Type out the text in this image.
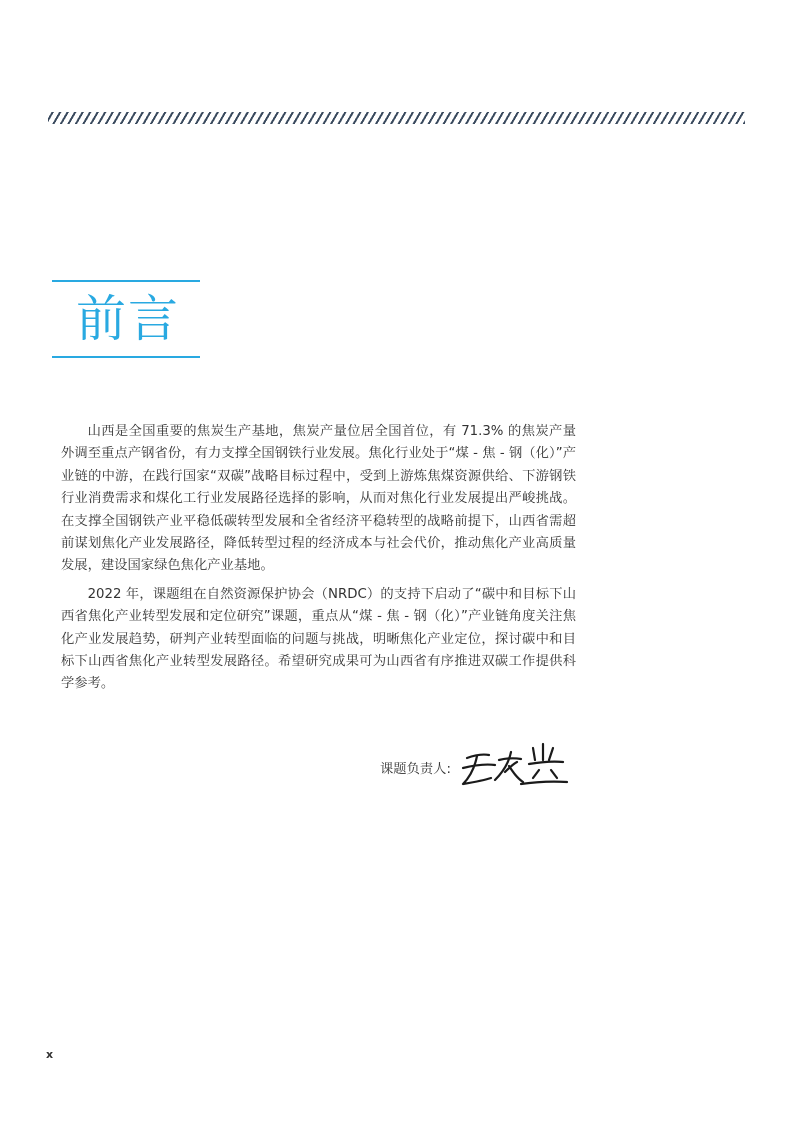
前言

山西是全国重要的焦炭生产基地，焦炭产量位居全国首位，有 71.3% 的焦炭产量外调至重点产钢省份，有力支撑全国钢铁行业发展。焦化行业处于“煤 - 焦 - 钢（化）”产业链的中游，在践行国家“双碳”战略目标过程中，受到上游炼焦煤资源供给、下游钢铁行业消费需求和煤化工行业发展路径选择的影响，从而对焦化行业发展提出严峻挑战。在支撑全国钢铁产业平稳低碳转型发展和全省经济平稳转型的战略前提下，山西省需超前谋划焦化产业发展路径，降低转型过程的经济成本与社会代价，推动焦化产业高质量发展，建设国家绿色焦化产业基地。

2022 年，课题组在自然资源保护协会（NRDC）的支持下启动了“碳中和目标下山西省焦化产业转型发展和定位研究”课题，重点从“煤 - 焦 - 钢（化）”产业链角度关注焦化产业发展趋势，研判产业转型面临的问题与挑战，明晰焦化产业定位，探讨碳中和目标下山西省焦化产业转型发展路径。希望研究成果可为山西省有序推进双碳工作提供科学参考。

课题负责人:
x
